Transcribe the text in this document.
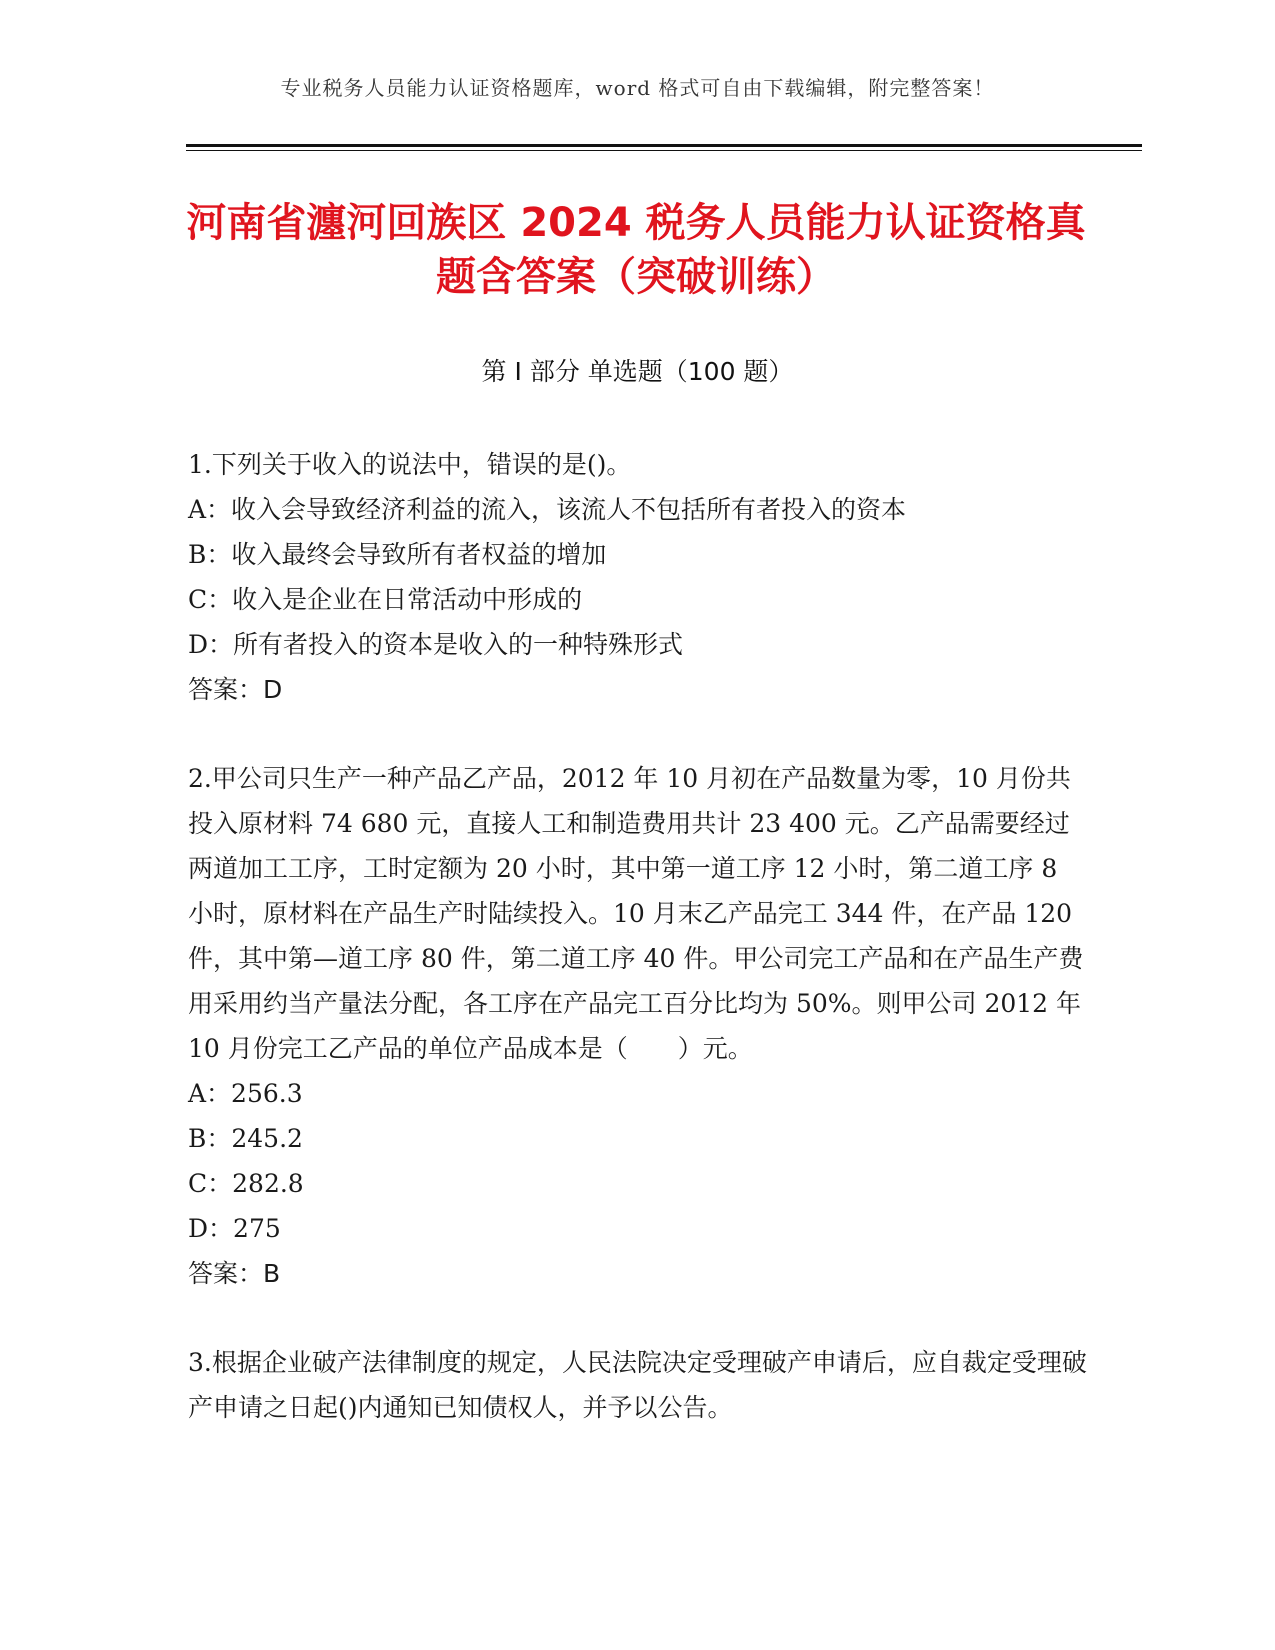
专业税务人员能力认证资格题库，word 格式可自由下载编辑，附完整答案！
河南省瀍河回族区 2024 税务人员能力认证资格真题含答案（突破训练）
第 I 部分 单选题（100 题）
1.下列关于收入的说法中，错误的是()。
A：收入会导致经济利益的流入，该流人不包括所有者投入的资本
B：收入最终会导致所有者权益的增加
C：收入是企业在日常活动中形成的
D：所有者投入的资本是收入的一种特殊形式
答案：D
2.甲公司只生产一种产品乙产品，2012 年 10 月初在产品数量为零，10 月份共投入原材料 74 680 元，直接人工和制造费用共计 23 400 元。乙产品需要经过两道加工工序，工时定额为 20 小时，其中第一道工序 12 小时，第二道工序 8 小时，原材料在产品生产时陆续投入。10 月末乙产品完工 344 件，在产品 120 件，其中第—道工序 80 件，第二道工序 40 件。甲公司完工产品和在产品生产费用采用约当产量法分配，各工序在产品完工百分比均为 50%。则甲公司 2012 年 10 月份完工乙产品的单位产品成本是（　　）元。
A：256.3
B：245.2
C：282.8
D：275
答案：B
3.根据企业破产法律制度的规定，人民法院决定受理破产申请后，应自裁定受理破产申请之日起()内通知已知债权人，并予以公告。
